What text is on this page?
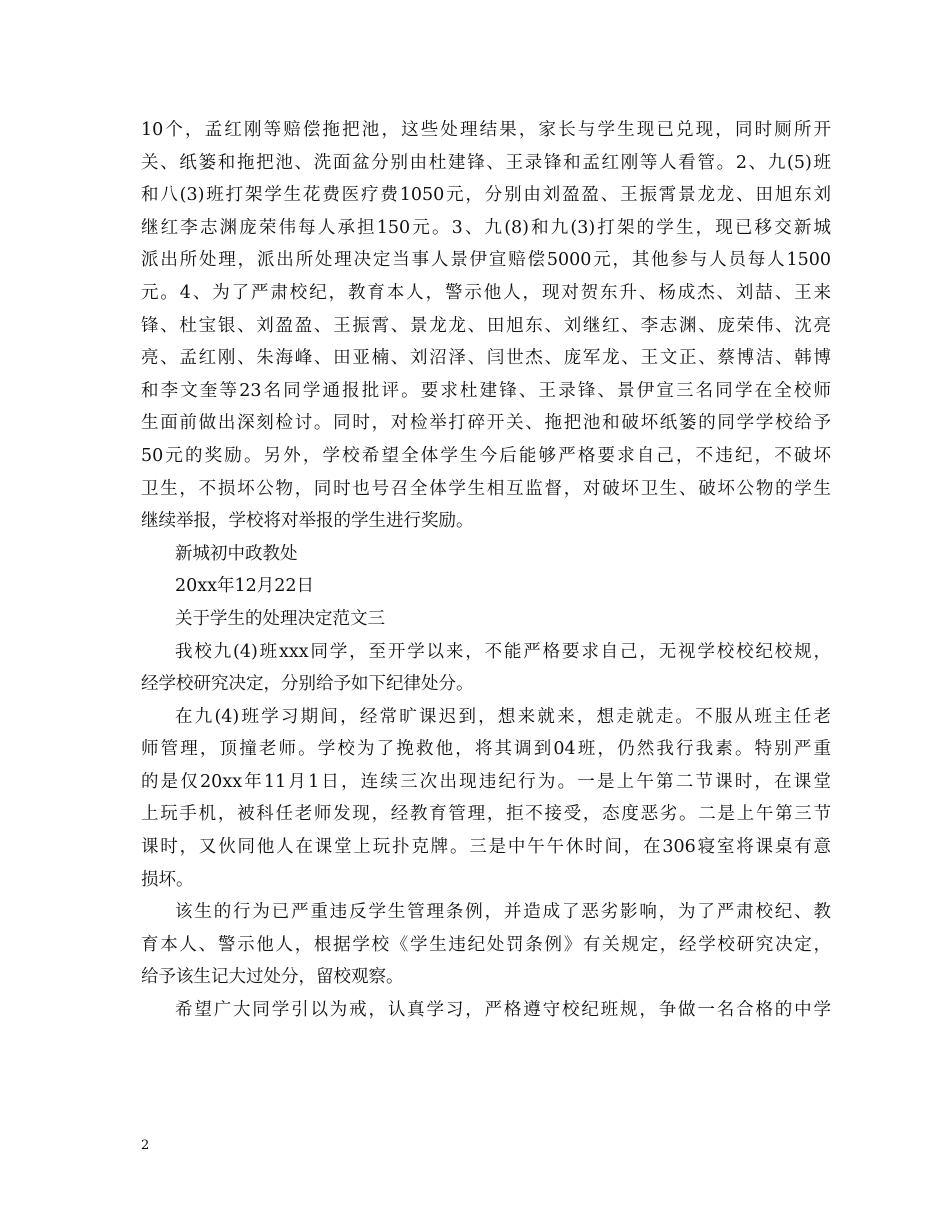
10个，孟红刚等赔偿拖把池，这些处理结果，家长与学生现已兑现，同时厕所开
关、纸篓和拖把池、洗面盆分别由杜建锋、王录锋和孟红刚等人看管。2、九(5)班
和八(3)班打架学生花费医疗费1050元，分别由刘盈盈、王振霄景龙龙、田旭东刘
继红李志渊庞荣伟每人承担150元。3、九(8)和九(3)打架的学生，现已移交新城
派出所处理，派出所处理决定当事人景伊宣赔偿5000元，其他参与人员每人1500
元。4、为了严肃校纪，教育本人，警示他人，现对贺东升、杨成杰、刘喆、王来
锋、杜宝银、刘盈盈、王振霄、景龙龙、田旭东、刘继红、李志渊、庞荣伟、沈亮
亮、孟红刚、朱海峰、田亚楠、刘沼泽、闫世杰、庞军龙、王文正、蔡博洁、韩博
和李文奎等23名同学通报批评。要求杜建锋、王录锋、景伊宣三名同学在全校师
生面前做出深刻检讨。同时，对检举打碎开关、拖把池和破坏纸篓的同学学校给予
50元的奖励。另外，学校希望全体学生今后能够严格要求自己，不违纪，不破坏
卫生，不损坏公物，同时也号召全体学生相互监督，对破坏卫生、破坏公物的学生
继续举报，学校将对举报的学生进行奖励。
新城初中政教处
20xx年12月22日
关于学生的处理决定范文三
我校九(4)班xxx同学，至开学以来，不能严格要求自己，无视学校校纪校规，
经学校研究决定，分别给予如下纪律处分。
在九(4)班学习期间，经常旷课迟到，想来就来，想走就走。不服从班主任老
师管理，顶撞老师。学校为了挽救他，将其调到04班，仍然我行我素。特别严重
的是仅20xx年11月1日，连续三次出现违纪行为。一是上午第二节课时，在课堂
上玩手机，被科任老师发现，经教育管理，拒不接受，态度恶劣。二是上午第三节
课时，又伙同他人在课堂上玩扑克牌。三是中午午休时间，在306寝室将课桌有意
损坏。
该生的行为已严重违反学生管理条例，并造成了恶劣影响，为了严肃校纪、教
育本人、警示他人，根据学校《学生违纪处罚条例》有关规定，经学校研究决定，
给予该生记大过处分，留校观察。
希望广大同学引以为戒，认真学习，严格遵守校纪班规，争做一名合格的中学
2
